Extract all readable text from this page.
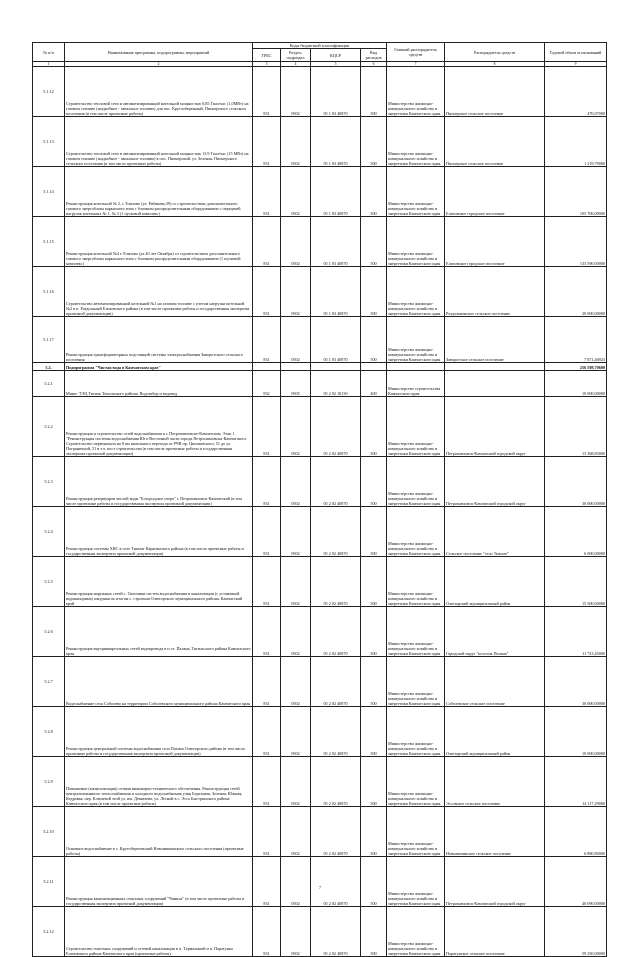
№ п/п	Наименование программы, подпрограммы, мероприятий	Коды бюджетной классификации				Главный распорядитель средств	Распорядитель средств	Годовой объем ассигнований
		ГРБС	Раздел, подраздел	КЦСР	Вид расходов			
1	2	3	4	5	6	7	8	9
5.1.12	Строительство тепловой сети и автоматизированной котельной мощностью 0,85 Гкал/час (1,0МВт) на газовом топливе (жидкобное - запальное топливо) для пос. Круглобережный, Пионерского сельского поселения (в том числе проектные работы)	831	0502	05 1 03 40870	500	Министерство жилищно-коммунального хозяйства и энергетики Камчатского края	Пионерское сельское поселение	470,07000
5.1.13	Строительство тепловой сети и автоматизированной котельной мощностью 13,9 Гкал/час (15 МВт) на газовом топливе (жидкобное - запальное топливо) в пос. Пионерский, ул. Зеленая, Пионерского сельского поселения (в том числе проектные работы)	831	0502	05 1 03 40870	500	Министерство жилищно-коммунального хозяйства и энергетики Камчатского края	Пионерское сельское поселение	1 219,79000
5.1.14	Реконструкция котельной № 2, г. Елизово (ул. Рябикова,39) со строительством дополнительного газового энергоблока каркасного типа с блочным распределительным оборудованием с передачей нагрузок котельных № 1, № 3 (1 пусковой комплекс)	831	0502	05 1 03 40870	500	Министерство жилищно-коммунального хозяйства и энергетики Камчатского края	Елизовское городское поселение	105 706,00000
5.1.15	Реконструкция котельной №4 г. Елизово (ул.40 лет Октября) со строительством дополнительного газового энергоблока каркасного типа с блочным распределительным оборудованием (1 пусковой комплекс)	831	0502	05 1 03 40870	500	Министерство жилищно-коммунального хозяйства и энергетики Камчатского края	Елизовское городское поселение	133 590,00000
5.1.16	Строительство автоматизированной котельной №1 на газовом топливе с учетом нагрузки котельной №2 в п. Раздольный Елизовского района (в том числе проектные работы и государственная экспертиза проектной документации)	831	0502	05 1 03 40870	500	Министерство жилищно-коммунального хозяйства и энергетики Камчатского края	Раздольненское сельское поселение	20 000,00000
5.1.17	Реконструкция трансформаторных подстанций системы электроснабжения Заворотского сельского поселения	831	0502	05 1 03 40870	500	Министерство жилищно-коммунального хозяйства и энергетики Камчатского края	Заворотское сельское поселение	7 871,46923
5.2.	Подпрограмма "Чистая вода в Камчатском крае"							256 598,70600
5.2.1	Мини- ТЭЦ Тигиль Тигильского района. Водозабор и водовод	832	0505	05 2 02 10130	400	Министерство строительства Камчатского края		10 000,00000
5.2.2	Реконструкция и строительство сетей водоснабжения в г. Петропавловске-Камчатском. Этап 1. "Реконструкция системы водоснабжения Юго-Восточной части города Петропавловска-Камчатского. Строительство первоначала на 8 км канального перехода от РЧВ пр. Циолковского, 51 до ул. Пограничной, 51 в т.ч. пост строительства (в том числе проектные работы и государственная экспертиза проектной документации)	831	0502	05 2 02 40870	500	Министерство жилищно-коммунального хозяйства и энергетики Камчатского края	Петропавловск-Камчатский городской округ	13 368,83000
5.2.3	Реконструкция резервуаров чистой воды "Богородское озеро" г. Петропавловск-Камчатский (в том числе проектные работы и государственная экспертиза проектной документации)	831	0502	05 2 02 40870	500	Министерство жилищно-коммунального хозяйства и энергетики Камчатского края	Петропавловск-Камчатский городской округ	30 000,00000
5.2.4	Реконструкция системы ХВС в селе Тымлат Карагинского района (в том числе проектные работы и государственная экспертиза проектной документации)	831	0502	05 2 02 40870	500	Министерство жилищно-коммунального хозяйства и энергетики Камчатского края	Сельское поселение "село Тымлат"	6 000,00000
5.2.5	Реконструкция наружных сетей с. Тиличики систем водоснабжения и канализации (с установкой водонапорных) шкурная по итогам с. строения Олюторского муниципального района, Камчатский край	831	0502	05 2 02 40870	500	Министерство жилищно-коммунального хозяйства и энергетики Камчатского края	Олюторский муниципальный район	15 500,00000
5.2.6	Реконструкция внутриквартальных сетей водопровода в п.г.т. Палана, Тигильского района Камчатского края	831	0502	05 2 02 40870	500	Министерство жилищно-коммунального хозяйства и энергетики Камчатского края	Городской округ "поселок Палана"	11 723,45000
5.2.7	Водоснабжение села Соболево на территории Соболевского муниципального района Камчатского края	831	0502	05 2 02 40870	500	Министерство жилищно-коммунального хозяйства и энергетики Камчатского края	Соболевское сельское поселение	30 000,00000
5.2.8	Реконструкция центральной системы водоснабжения села Пахачи Олюторского района (в том числе проектные работы и государственная экспертиза проектной документации)	831	0502	05 2 02 40870	500	Министерство жилищно-коммунального хозяйства и энергетики Камчатского края	Олюторский муниципальный район	10 000,00000
5.2.9	Повышение (капитализация) сетями инженерно-технического обеспечения. Реконструкция сетей централизованного теплоснабжения и холодного водоснабжения улиц Березовая, Зеленая, Южная, Кедровая, пер. Ключевой этой ул. им. Девятаева, ул. Лесной в с. Эссо Быстринского района Камчатского края (в том числе проектные работы)	831	0502	05 2 02 40870	500	Министерство жилищно-коммунального хозяйства и энергетики Камчатского края	Эссовское сельское поселение	14 117,29000
5.2.10	Основное водоснабжение в с. Крутобереговский Новоавачинского сельского поселения (проектные работы)	831	0502	05 2 02 40870	500	Министерство жилищно-коммунального хозяйства и энергетики Камчатского края	Новоавачинское сельское поселение	6 880,80000
5.2.11	Реконструкция канализационных очистных сооружений "Чавыча" (в том числе проектные работы и государственная экспертиза проектной документации)	831	0502	05 2 02 40870	500	Министерство жилищно-коммунального хозяйства и энергетики Камчатского края	Петропавловск-Камчатский городской округ	40 090,00000
5.2.12	Строительство очистных сооружений и сетевой канализации в п. Термальный и п. Паратунка Елизовского района Камчатского края (проектные работы)	831	0502	05 2 02 40870	500	Министерство жилищно-коммунального хозяйства и энергетики Камчатского края	Паратунское сельское поселение	59 250,00000
7
